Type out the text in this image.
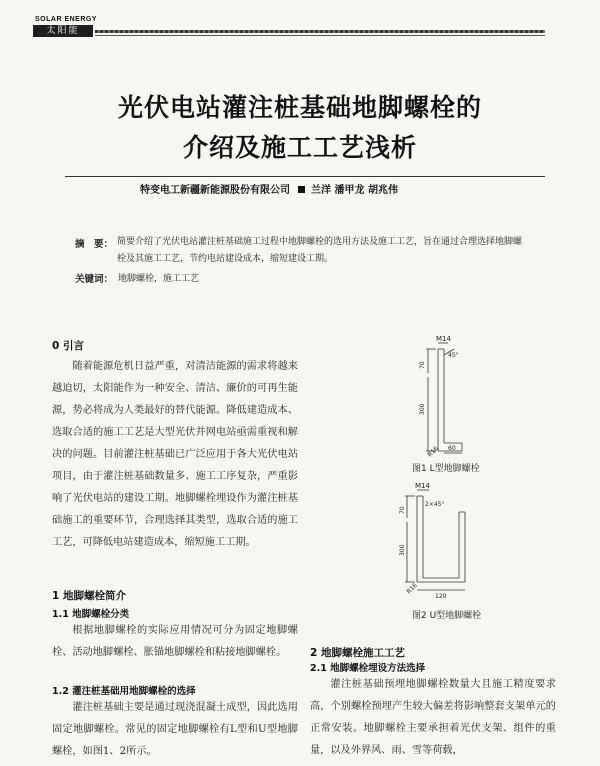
SOLAR ENERGY
太阳能
光伏电站灌注桩基础地脚螺栓的
介绍及施工工艺浅析
特变电工新疆新能源股份有限公司 兰洋 潘甲龙 胡兆伟
摘　要： 简要介绍了光伏电站灌注桩基础施工过程中地脚螺栓的选用方法及施工工艺，旨在通过合理选择地脚螺栓及其施工工艺，节约电站建设成本，缩短建设工期。
关键词： 地脚螺栓，施工工艺
0 引言
随着能源危机日益严重，对清洁能源的需求将越来越迫切，太阳能作为一种安全、清洁、廉价的可再生能源，势必将成为人类最好的替代能源。降低建造成本、选取合适的施工工艺是大型光伏并网电站亟需重视和解决的问题。目前灌注桩基础已广泛应用于各大光伏电站项目，由于灌注桩基础数量多、施工工序复杂，严重影响了光伏电站的建设工期。地脚螺栓埋设作为灌注桩基础施工的重要环节，合理选择其类型，选取合适的施工工艺，可降低电站建造成本，缩短施工工期。
1 地脚螺栓简介
1.1 地脚螺栓分类
根据地脚螺栓的实际应用情况可分为固定地脚螺栓、活动地脚螺栓、胀锚地脚螺栓和粘接地脚螺栓。
1.2 灌注桩基础用地脚螺栓的选择
灌注桩基础主要是通过现浇混凝土成型，因此选用固定地脚螺栓。常见的固定地脚螺栓有L型和U型地脚螺栓，如图1、2所示。
2 地脚螺栓施工工艺
2.1 地脚螺栓埋设方法选择
灌注桩基础预埋地脚螺栓数量大且施工精度要求高，个别螺栓预埋产生较大偏差将影响整套支架单元的正常安装。地脚螺栓主要承担着光伏支架、组件的重量，以及外界风、雨、雪等荷载，
M14
45°
70
300
R16 60
图1 L型地脚螺栓
M14
2×45°
70
300
R16
120
图2 U型地脚螺栓
